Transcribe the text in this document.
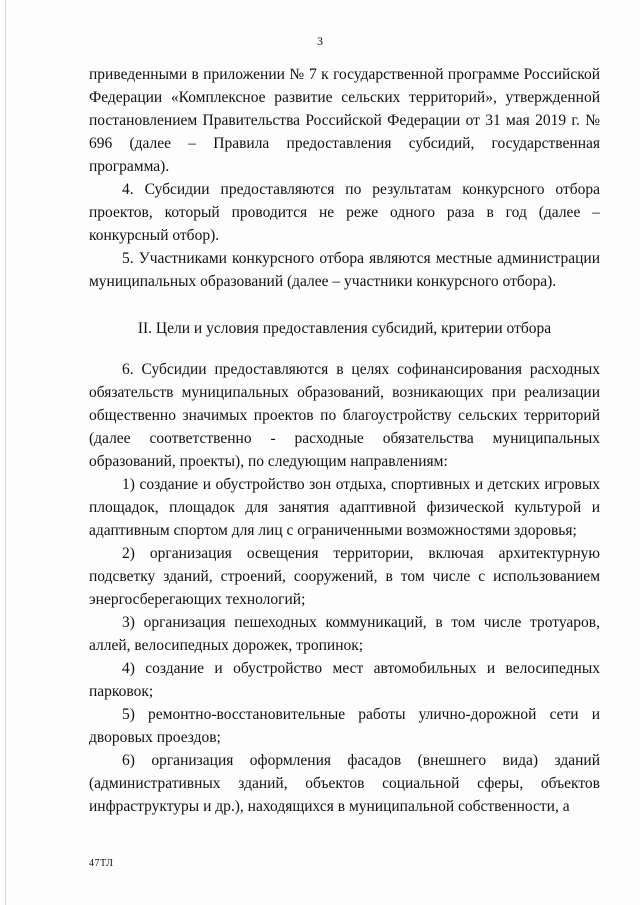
3

приведенными в приложении № 7 к государственной программе Российской Федерации «Комплексное развитие сельских территорий», утвержденной постановлением Правительства Российской Федерации от 31 мая 2019 г. № 696 (далее – Правила предоставления субсидий, государственная программа).

4. Субсидии предоставляются по результатам конкурсного отбора проектов, который проводится не реже одного раза в год (далее – конкурсный отбор).

5. Участниками конкурсного отбора являются местные администрации муниципальных образований (далее – участники конкурсного отбора).

II. Цели и условия предоставления субсидий, критерии отбора

6. Субсидии предоставляются в целях софинансирования расходных обязательств муниципальных образований, возникающих при реализации общественно значимых проектов по благоустройству сельских территорий (далее соответственно - расходные обязательства муниципальных образований, проекты), по следующим направлениям:

1) создание и обустройство зон отдыха, спортивных и детских игровых площадок, площадок для занятия адаптивной физической культурой и адаптивным спортом для лиц с ограниченными возможностями здоровья;

2) организация освещения территории, включая архитектурную подсветку зданий, строений, сооружений, в том числе с использованием энергосберегающих технологий;

3) организация пешеходных коммуникаций, в том числе тротуаров, аллей, велосипедных дорожек, тропинок;

4) создание и обустройство мест автомобильных и велосипедных парковок;

5) ремонтно-восстановительные работы улично-дорожной сети и дворовых проездов;

6) организация оформления фасадов (внешнего вида) зданий (административных зданий, объектов социальной сферы, объектов инфраструктуры и др.), находящихся в муниципальной собственности, а

47ТЛ
